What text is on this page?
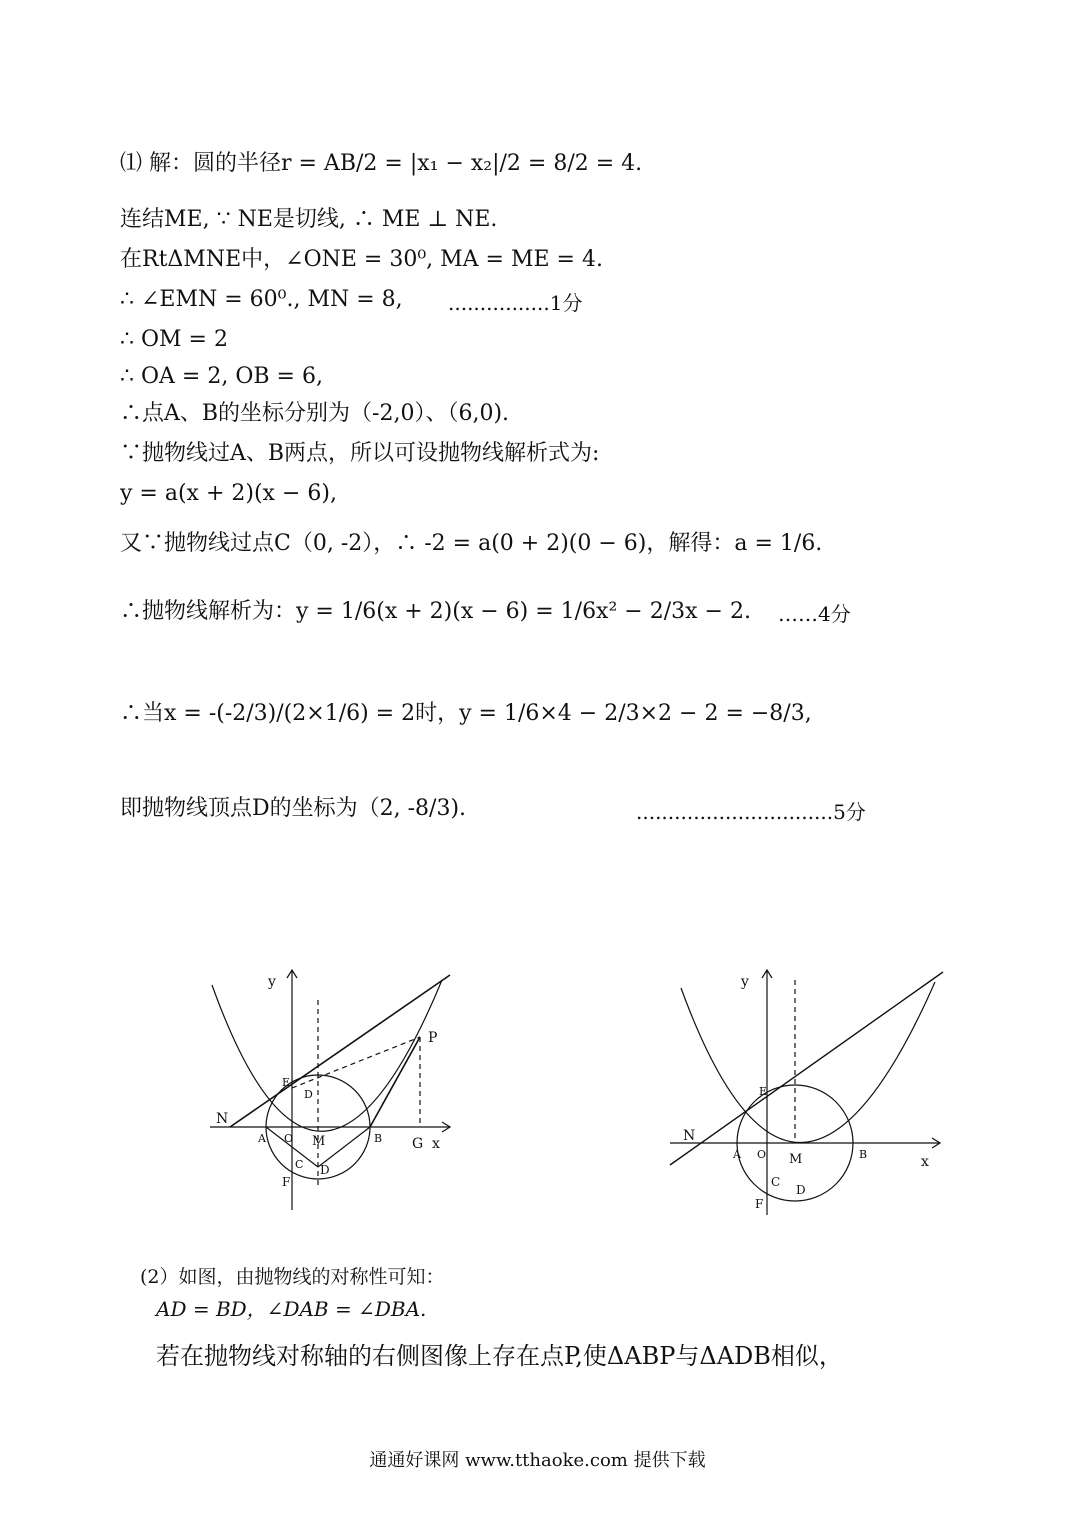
⑴ 解：圆的半径r = AB/2 = |x₁ − x₂|/2 = 8/2 = 4.
连结ME, ∵ NE是切线, ∴ ME ⊥ NE.
在RtΔMNE中，∠ONE = 30⁰, MA = ME = 4.
∴ ∠EMN = 60⁰., MN = 8, ................1分
∴ OM = 2
∴ OA = 2, OB = 6,
∴点A、B的坐标分别为（-2,0）、（6,0).
∵抛物线过A、B两点，所以可设抛物线解析式为:
y = a(x + 2)(x − 6),
又∵抛物线过点C（0, -2），∴ -2 = a(0 + 2)(0 − 6)，解得：a = 1/6.
∴抛物线解析为：y = 1/6(x + 2)(x − 6) = 1/6x² − 2/3x − 2. ……4分
∴当x = -(-2/3)/(2×1/6) = 2时，y = 1/6×4 − 2/3×2 − 2 = −8/3,
即抛物线顶点D的坐标为（2, -8/3).	...............................5分
y
x
P
E
D
N
A O M	B G
C D
F
y
x
E
N
A O M	B
C
D
F
(2）如图，由抛物线的对称性可知：
AD = BD，∠DAB = ∠DBA.
若在抛物线对称轴的右侧图像上存在点P,使ΔABP与ΔADB相似，
通通好课网 www.tthaoke.com 提供下载
